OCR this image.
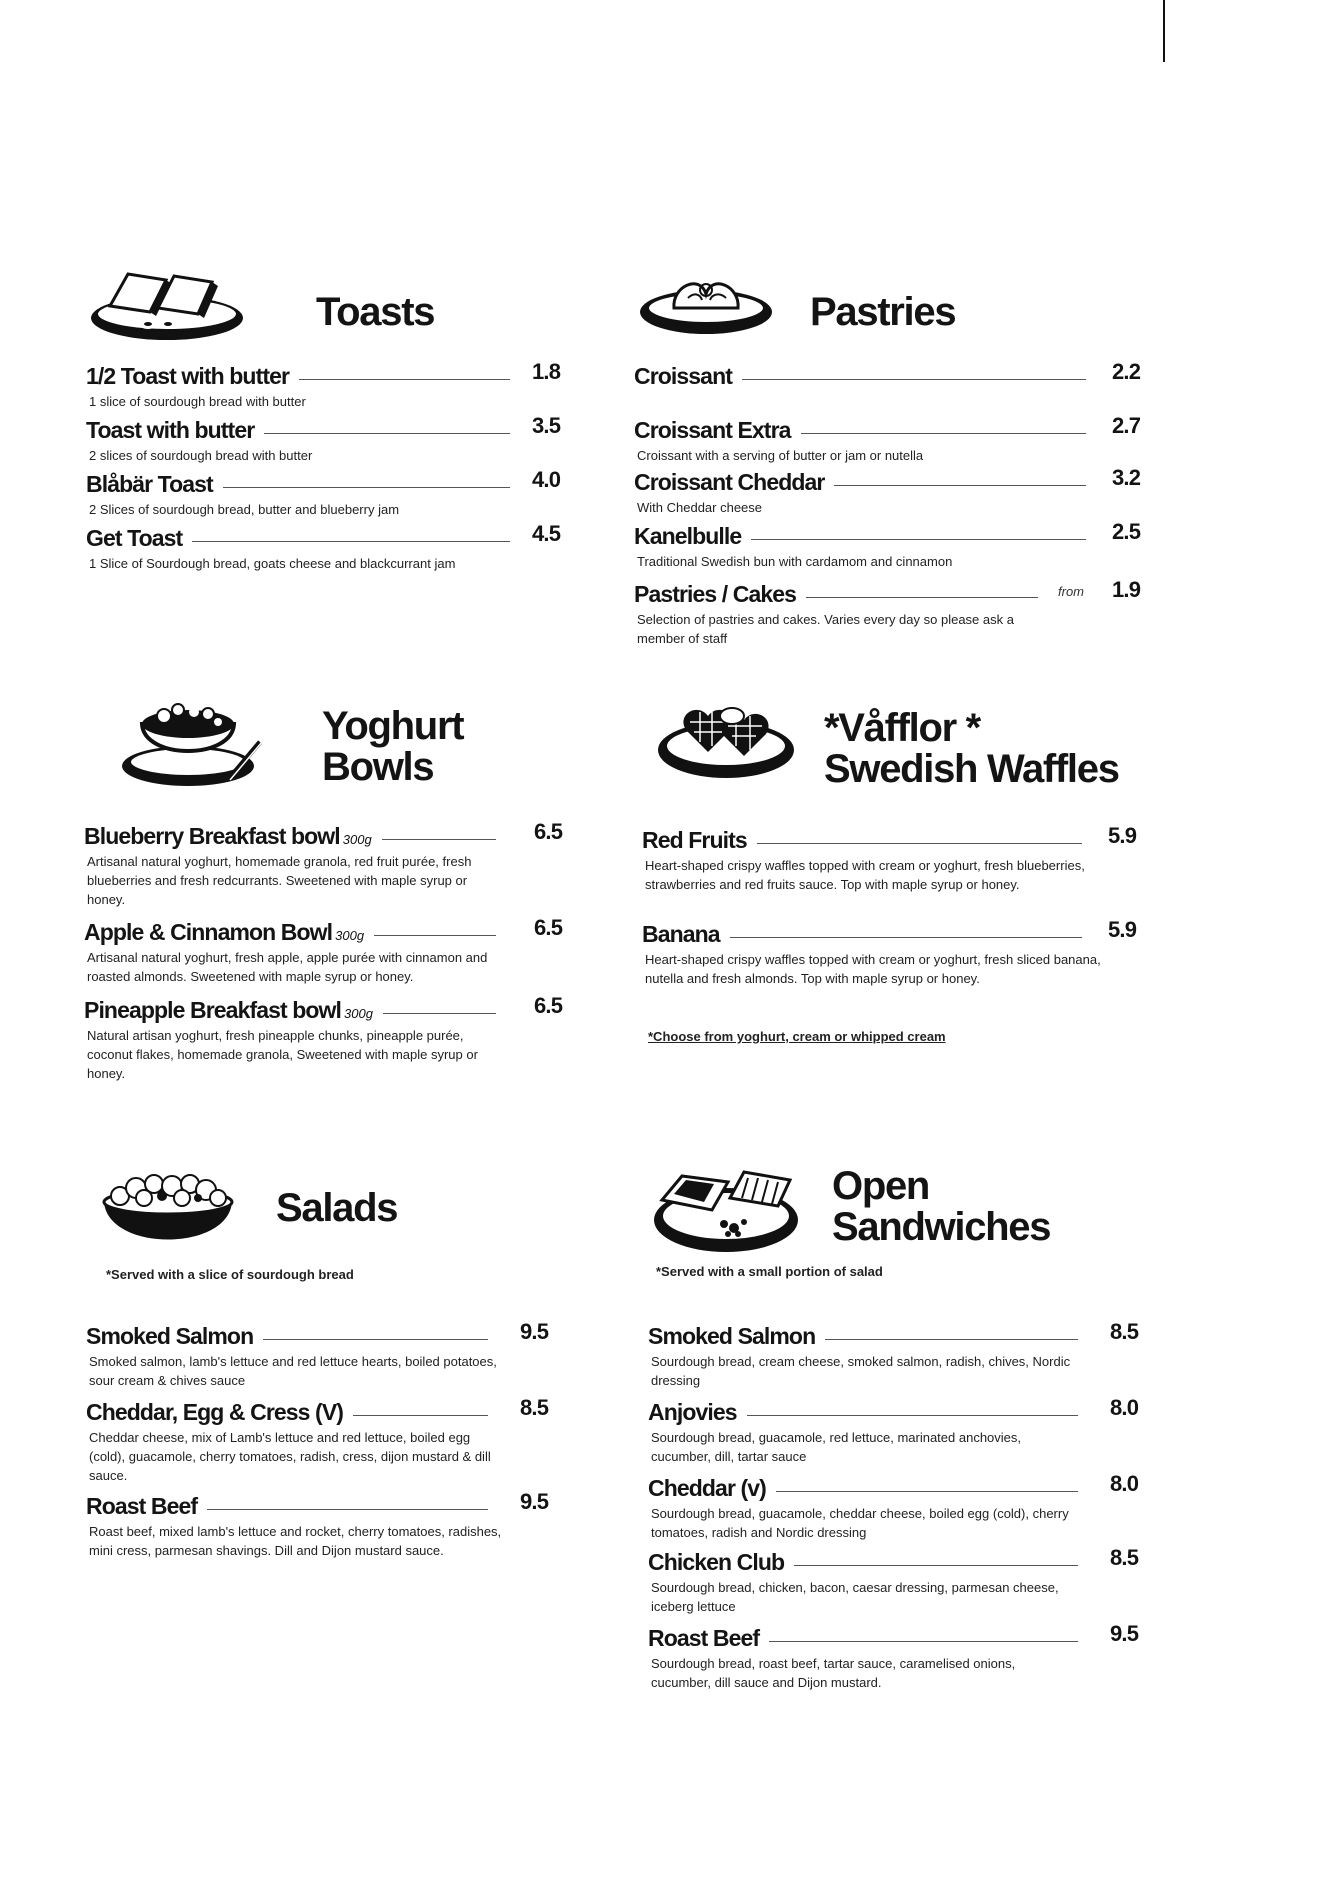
Toasts	Pastries
Yoghurt
Bowls
*Våfflor *
Swedish Waffles

*Choose from yoghurt, cream or whipped cream

Salads

*Served with a slice of sourdough bread

Open
Sandwiches

*Served with a small portion of salad

1/2 Toast with butter	1.8

1 slice of sourdough bread with butter

Toast with butter	3.5

2 slices of sourdough bread with butter

Blåbär Toast	4.0

2 Slices of sourdough bread, butter and blueberry jam

Get Toast	4.5

1 Slice of Sourdough bread, goats cheese and blackcurrant jam

Croissant	2.2
Croissant Extra	2.7

Croissant with a serving of butter or jam or nutella

Croissant Cheddar	3.2

With Cheddar cheese

Kanelbulle	2.5

Traditional Swedish bun with cardamom and cinnamon

Pastries / Cakes	from 1.9

Selection of pastries and cakes. Varies every day so please ask a member of staff

Blueberry Breakfast bowl 300g	6.5

Artisanal natural yoghurt, homemade granola, red fruit purée, fresh blueberries and fresh redcurrants. Sweetened with maple syrup or honey.

Apple & Cinnamon Bowl 300g	6.5

Artisanal natural yoghurt, fresh apple, apple purée with cinnamon and roasted almonds. Sweetened with maple syrup or honey.

Pineapple Breakfast bowl 300g	6.5

Natural artisan yoghurt, fresh pineapple chunks, pineapple purée, coconut flakes, homemade granola, Sweetened with maple syrup or honey.

Red Fruits	5.9

Heart-shaped crispy waffles topped with cream or yoghurt, fresh blueberries, strawberries and red fruits sauce. Top with maple syrup or honey.

Banana	5.9

Heart-shaped crispy waffles topped with cream or yoghurt, fresh sliced banana, nutella and fresh almonds. Top with maple syrup or honey.

Smoked Salmon	9.5

Smoked salmon, lamb's lettuce and red lettuce hearts, boiled potatoes, sour cream & chives sauce

Cheddar, Egg & Cress (V)	8.5

Cheddar cheese, mix of Lamb's lettuce and red lettuce, boiled egg (cold), guacamole, cherry tomatoes, radish, cress, dijon mustard & dill sauce.

Roast Beef	9.5

Roast beef, mixed lamb's lettuce and rocket, cherry tomatoes, radishes, mini cress, parmesan shavings. Dill and Dijon mustard sauce.

Smoked Salmon	8.5

Sourdough bread, cream cheese, smoked salmon, radish, chives, Nordic dressing

Anjovies	8.0

Sourdough bread, guacamole, red lettuce, marinated anchovies, cucumber, dill, tartar sauce

Cheddar (v)	8.0

Sourdough bread, guacamole, cheddar cheese, boiled egg (cold), cherry tomatoes, radish and Nordic dressing

Chicken Club	8.5

Sourdough bread, chicken, bacon, caesar dressing, parmesan cheese, iceberg lettuce

Roast Beef	9.5

Sourdough bread, roast beef, tartar sauce, caramelised onions, cucumber, dill sauce and Dijon mustard.
